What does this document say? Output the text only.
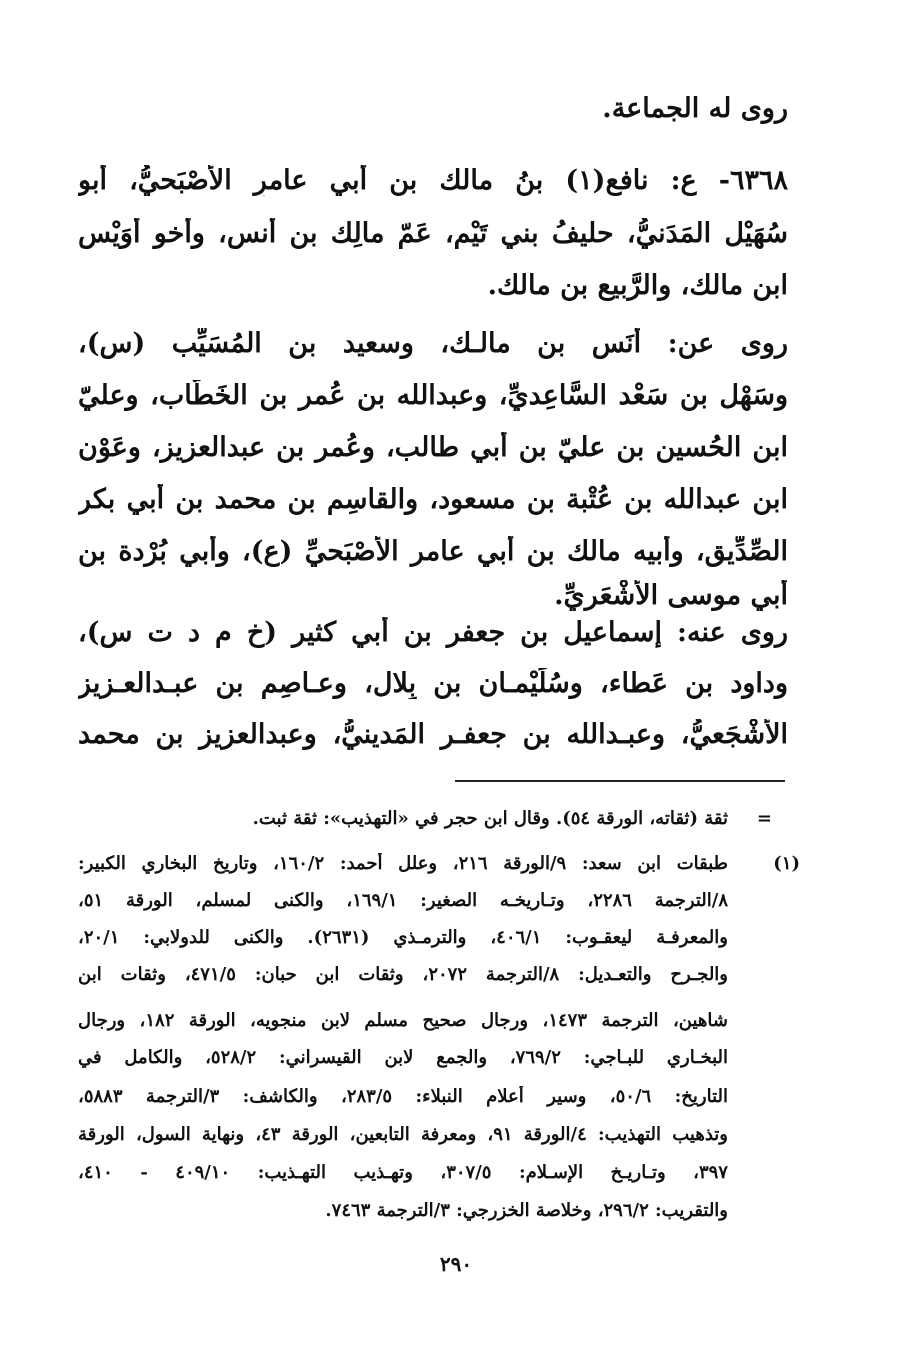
روى له الجماعة.
٦٣٦٨- ع: نافع(١) بنُ مالك بن أبي عامرِ الأَصْبَحيُّ، أبو
سُهَيْل المَدَنيُّ، حليفُ بني تَيْم، عَمّ مالِك بن أنس، وأخو أُوَيْس
ابن مالك، والرَّبيع بن مالك.
روى عن: أَنَس بن مالـك، وسعيد بن المُسَيِّب (س)،
وسَهْل بن سَعْد السَّاعِديِّ، وعبدالله بن عُمر بن الخَطَّاب، وعليّ
ابن الحُسين بن عليّ بن أبي طالب، وعُمر بن عبدالعزيز، وعَوْن
ابن عبدالله بن عُتْبة بن مسعود، والقاسِم بن محمد بن أبي بكر
الصِّدِّيق، وأبيه مالك بن أبي عامر الأَصْبَحيِّ (ع)، وأبي بُرْدة بن
أبي موسى الأَشْعَريِّ.
روى عنه: إسماعيل بن جعفر بن أبي كثير (خ م د ت س)،
وداود بن عَطاء، وسُلَيْمـان بن بِلال، وعـاصِم بن عبـدالعـزيز
الأَشْجَعيُّ، وعبـدالله بن جعفـر المَدينيُّ، وعبدالعزيز بن محمد
=
ثقة (ثقاته، الورقة ٥٤). وقال ابن حجر في «التهذيب»: ثقة ثبت.
(١)
طبقات ابن سعد: ٩/الورقة ٢١٦، وعلل أحمد: ١٦٠/٢، وتاريخ البخاري الكبير:
٨/الترجمة ٢٢٨٦، وتـاريخـه الصغير: ١٦٩/١، والكنى لمسلم، الورقة ٥١،
والمعرفـة ليعقـوب: ٤٠٦/١، والترمـذي (٢٦٣١). والكنى للدولابي: ٢٠/١،
والجـرح والتعـديل: ٨/الترجمة ٢٠٧٢، وثقات ابن حبان: ٤٧١/٥، وثقات ابن
شاهين، الترجمة ١٤٧٣، ورجال صحيح مسلم لابن منجويه، الورقة ١٨٢، ورجال
البخـاري للبـاجي: ٧٦٩/٢، والجمع لابن القيسراني: ٥٢٨/٢، والكامل في
التاريخ: ٥٠/٦، وسير أعلام النبلاء: ٢٨٣/٥، والكاشف: ٣/الترجمة ٥٨٨٣،
وتذهيب التهذيب: ٤/الورقة ٩١، ومعرفة التابعين، الورقة ٤٣، ونهاية السول، الورقة
٣٩٧، وتـاريـخ الإسـلام: ٣٠٧/٥، وتهـذيب التهـذيب: ٤٠٩/١٠ - ٤١٠،
والتقريب: ٢٩٦/٢، وخلاصة الخزرجي: ٣/الترجمة ٧٤٦٣.
٢٩٠
